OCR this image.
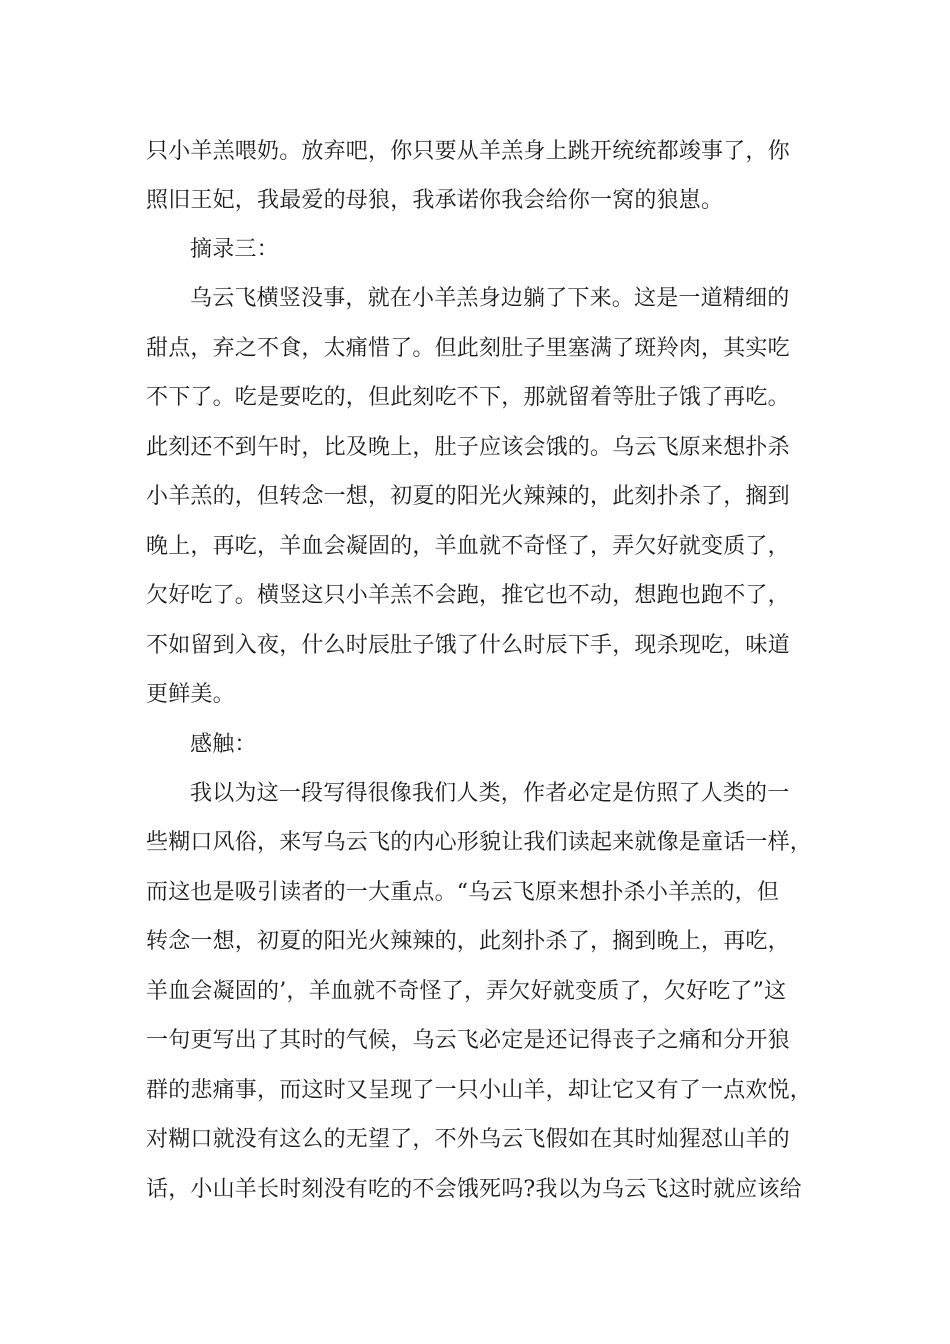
只小羊羔喂奶。放弃吧，你只要从羊羔身上跳开统统都竣事了，你
照旧王妃，我最爱的母狼，我承诺你我会给你一窝的狼崽。
摘录三：
乌云飞横竖没事，就在小羊羔身边躺了下来。这是一道精细的
甜点，弃之不食，太痛惜了。但此刻肚子里塞满了斑羚肉，其实吃
不下了。吃是要吃的，但此刻吃不下，那就留着等肚子饿了再吃。
此刻还不到午时，比及晚上，肚子应该会饿的。乌云飞原来想扑杀
小羊羔的，但转念一想，初夏的阳光火辣辣的，此刻扑杀了，搁到
晚上，再吃，羊血会凝固的，羊血就不奇怪了，弄欠好就变质了，
欠好吃了。横竖这只小羊羔不会跑，推它也不动，想跑也跑不了，
不如留到入夜，什么时辰肚子饿了什么时辰下手，现杀现吃，味道
更鲜美。
感触：
我以为这一段写得很像我们人类，作者必定是仿照了人类的一
些糊口风俗，来写乌云飞的内心形貌让我们读起来就像是童话一样，
而这也是吸引读者的一大重点。“乌云飞原来想扑杀小羊羔的，但
转念一想，初夏的阳光火辣辣的，此刻扑杀了，搁到晚上，再吃，
羊血会凝固的’，羊血就不奇怪了，弄欠好就变质了，欠好吃了”这
一句更写出了其时的气候，乌云飞必定是还记得丧子之痛和分开狼
群的悲痛事，而这时又呈现了一只小山羊，却让它又有了一点欢悦，
对糊口就没有这么的无望了，不外乌云飞假如在其时灿猩怼山羊的
话，小山羊长时刻没有吃的不会饿死吗?我以为乌云飞这时就应该给
